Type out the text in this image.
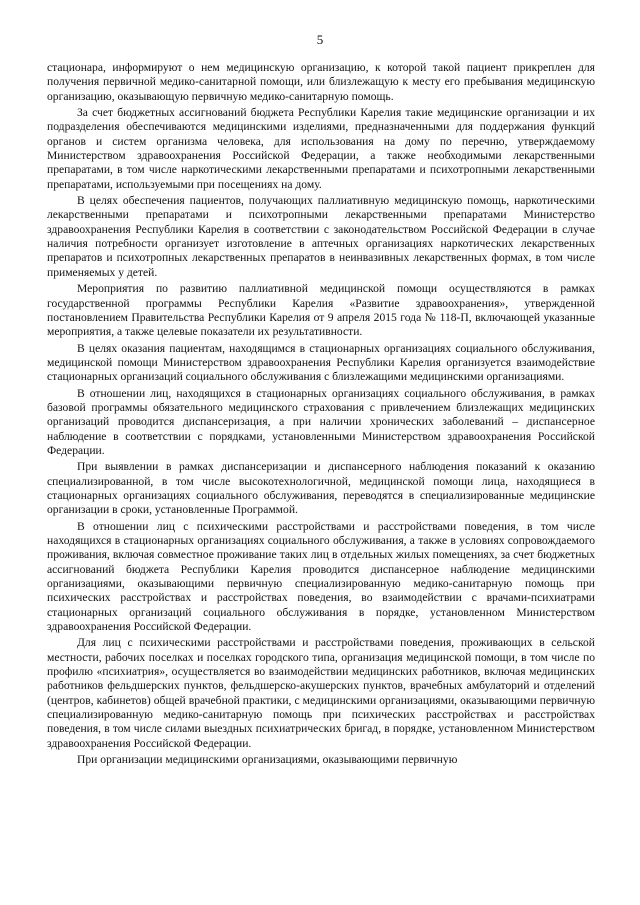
5

стационара, информируют о нем медицинскую организацию, к которой такой пациент прикреплен для получения первичной медико-санитарной помощи, или близлежащую к месту его пребывания медицинскую организацию, оказывающую первичную медико-санитарную помощь.

За счет бюджетных ассигнований бюджета Республики Карелия такие медицинские организации и их подразделения обеспечиваются медицинскими изделиями, предназначенными для поддержания функций органов и систем организма человека, для использования на дому по перечню, утверждаемому Министерством здравоохранения Российской Федерации, а также необходимыми лекарственными препаратами, в том числе наркотическими лекарственными препаратами и психотропными лекарственными препаратами, используемыми при посещениях на дому.

В целях обеспечения пациентов, получающих паллиативную медицинскую помощь, наркотическими лекарственными препаратами и психотропными лекарственными препаратами Министерство здравоохранения Республики Карелия в соответствии с законодательством Российской Федерации в случае наличия потребности организует изготовление в аптечных организациях наркотических лекарственных препаратов и психотропных лекарственных препаратов в неинвазивных лекарственных формах, в том числе применяемых у детей.

Мероприятия по развитию паллиативной медицинской помощи осуществляются в рамках государственной программы Республики Карелия «Развитие здравоохранения», утвержденной постановлением Правительства Республики Карелия от 9 апреля 2015 года № 118-П, включающей указанные мероприятия, а также целевые показатели их результативности.

В целях оказания пациентам, находящимся в стационарных организациях социального обслуживания, медицинской помощи Министерством здравоохранения Республики Карелия организуется взаимодействие стационарных организаций социального обслуживания с близлежащими медицинскими организациями.

В отношении лиц, находящихся в стационарных организациях социального обслуживания, в рамках базовой программы обязательного медицинского страхования с привлечением близлежащих медицинских организаций проводится диспансеризация, а при наличии хронических заболеваний – диспансерное наблюдение в соответствии с порядками, установленными Министерством здравоохранения Российской Федерации.

При выявлении в рамках диспансеризации и диспансерного наблюдения показаний к оказанию специализированной, в том числе высокотехнологичной, медицинской помощи лица, находящиеся в стационарных организациях социального обслуживания, переводятся в специализированные медицинские организации в сроки, установленные Программой.

В отношении лиц с психическими расстройствами и расстройствами поведения, в том числе находящихся в стационарных организациях социального обслуживания, а также в условиях сопровождаемого проживания, включая совместное проживание таких лиц в отдельных жилых помещениях, за счет бюджетных ассигнований бюджета Республики Карелия проводится диспансерное наблюдение медицинскими организациями, оказывающими первичную специализированную медико-санитарную помощь при психических расстройствах и расстройствах поведения, во взаимодействии с врачами-психиатрами стационарных организаций социального обслуживания в порядке, установленном Министерством здравоохранения Российской Федерации.

Для лиц с психическими расстройствами и расстройствами поведения, проживающих в сельской местности, рабочих поселках и поселках городского типа, организация медицинской помощи, в том числе по профилю «психиатрия», осуществляется во взаимодействии медицинских работников, включая медицинских работников фельдшерских пунктов, фельдшерско-акушерских пунктов, врачебных амбулаторий и отделений (центров, кабинетов) общей врачебной практики, с медицинскими организациями, оказывающими первичную специализированную медико-санитарную помощь при психических расстройствах и расстройствах поведения, в том числе силами выездных психиатрических бригад, в порядке, установленном Министерством здравоохранения Российской Федерации.

При организации медицинскими организациями, оказывающими первичную
